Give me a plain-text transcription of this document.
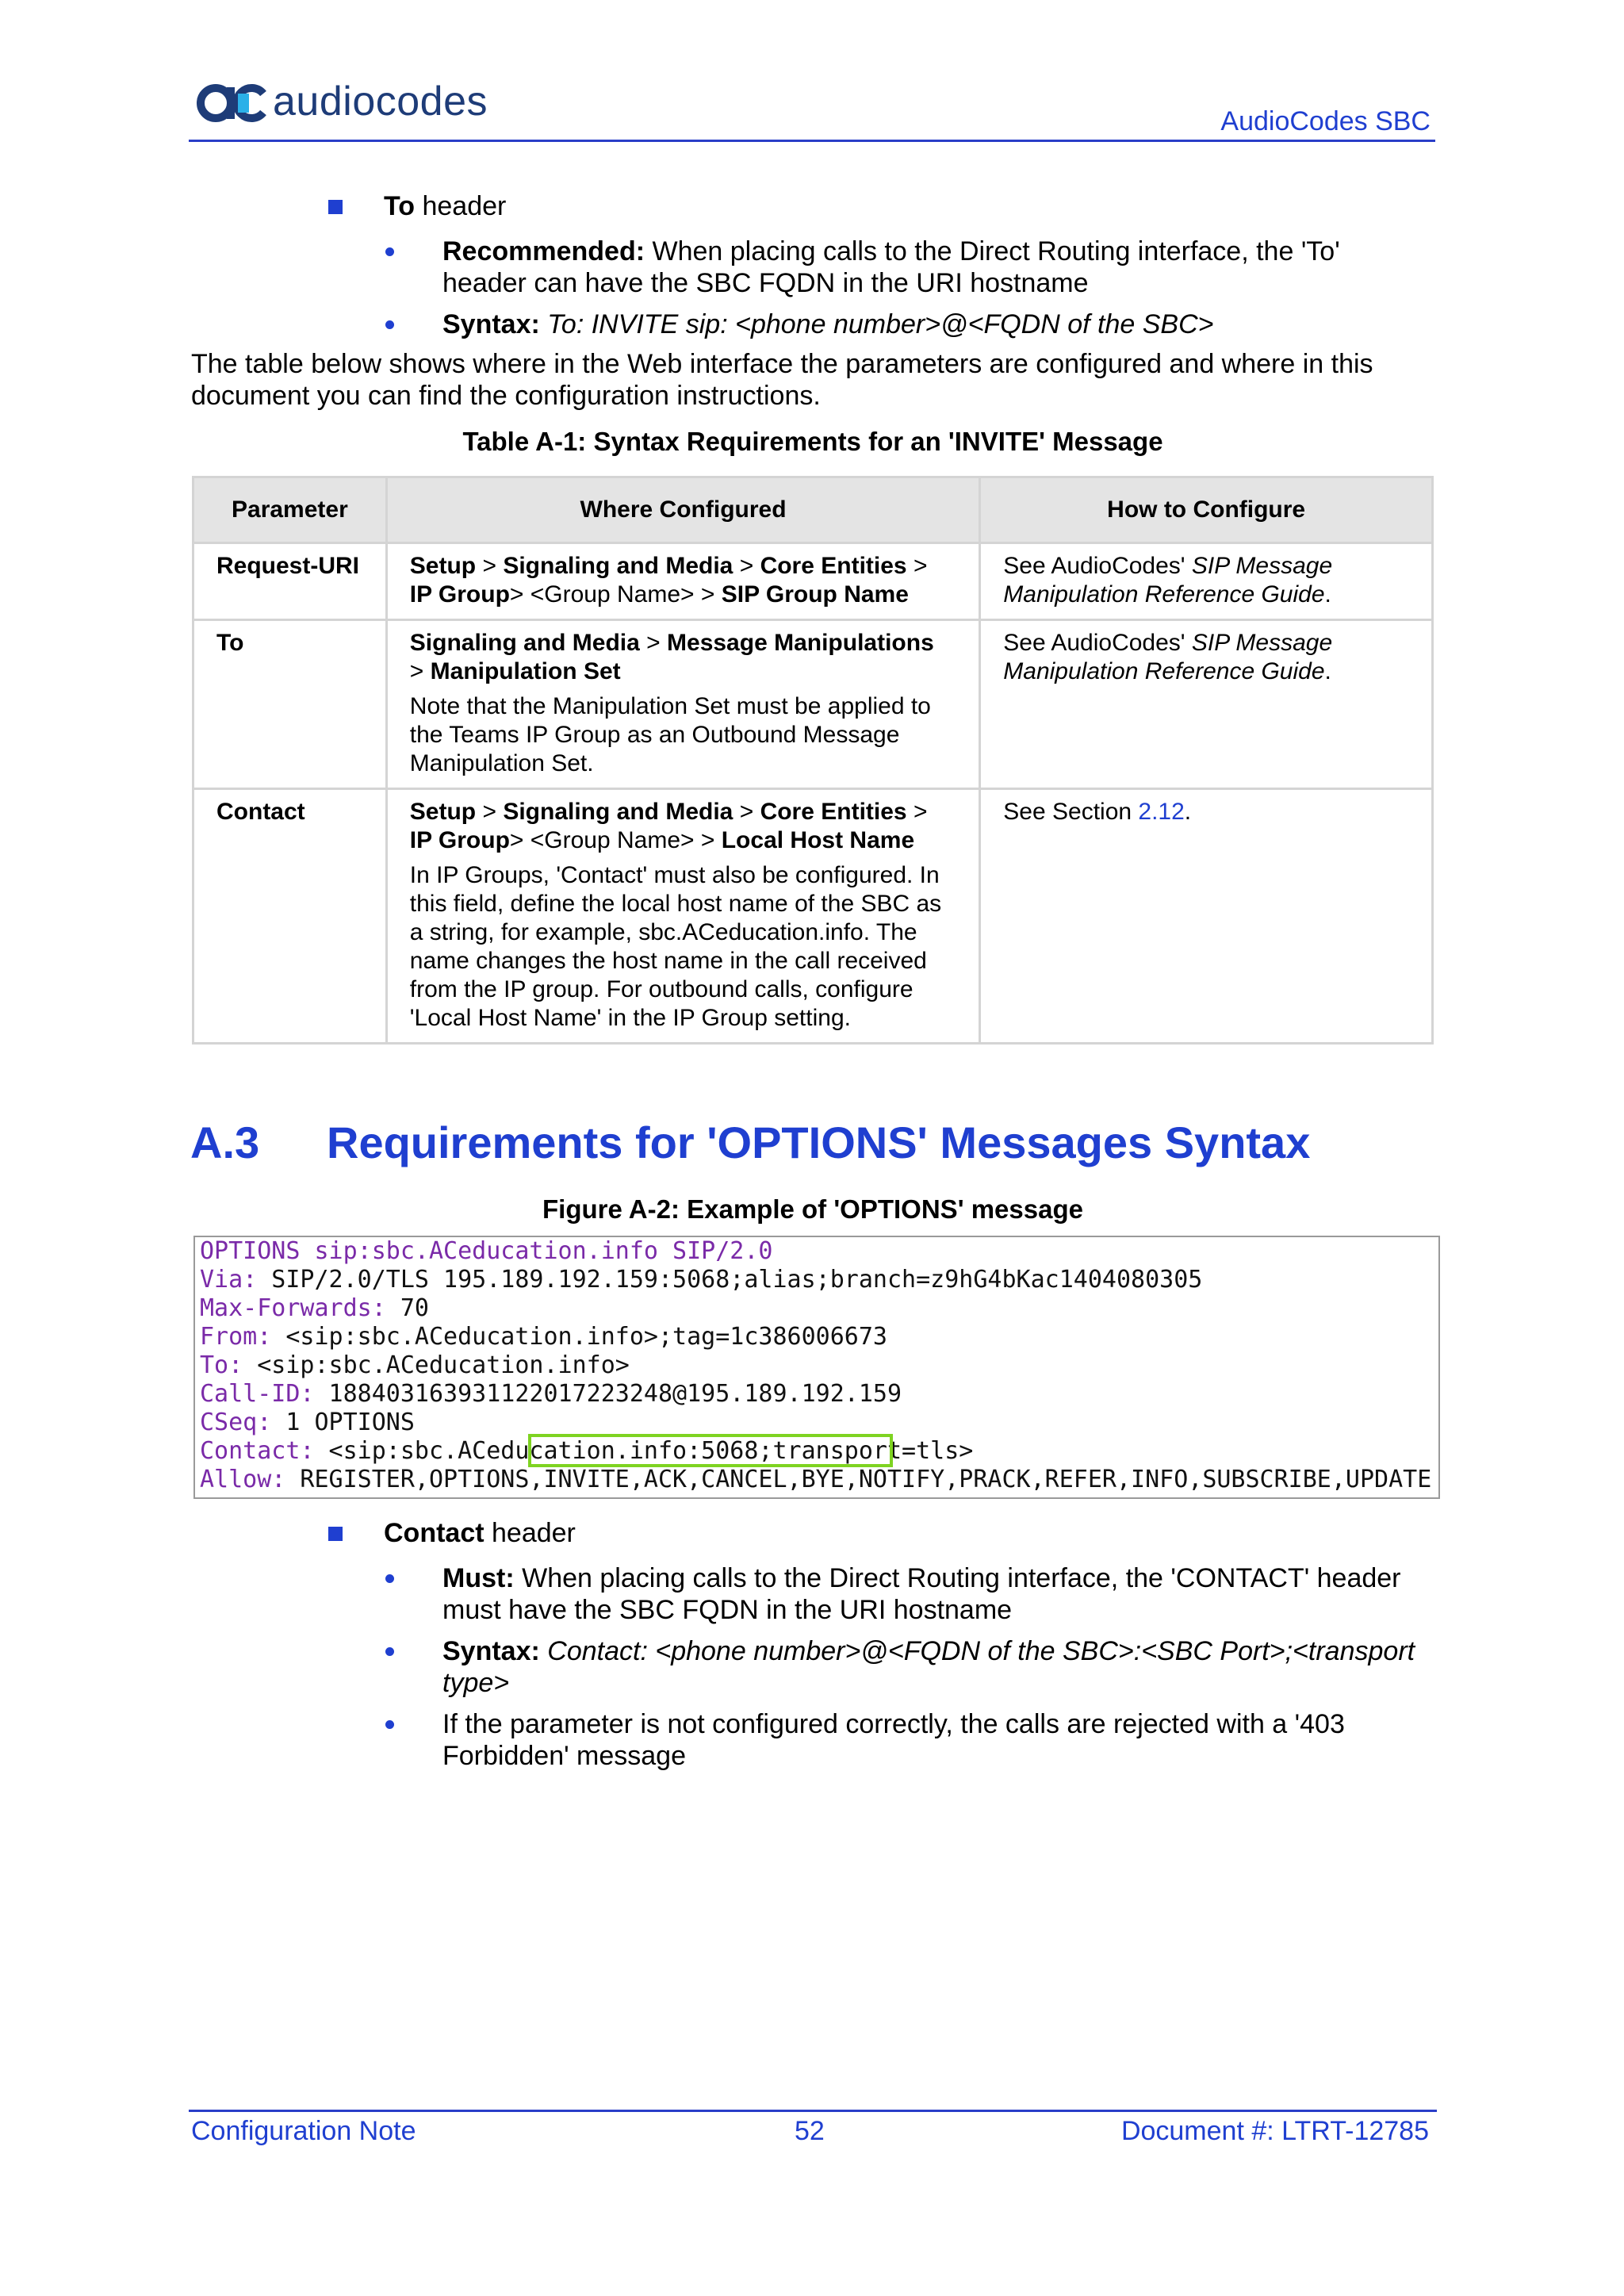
audiocodes	AudioCodes SBC
To header
Recommended: When placing calls to the Direct Routing interface, the 'To'
header can have the SBC FQDN in the URI hostname
Syntax: To: INVITE sip: <phone number>@<FQDN of the SBC>
The table below shows where in the Web interface the parameters are configured and where in this
document you can find the configuration instructions.
Table A-1: Syntax Requirements for an 'INVITE' Message
Parameter	Where Configured	How to Configure
Request-URI	Setup > Signaling and Media > Core Entities >
IP Group> <Group Name> > SIP Group Name	See AudioCodes' SIP Message Manipulation Reference Guide.
To	Signaling and Media > Message Manipulations
> Manipulation Set
Note that the Manipulation Set must be applied to the Teams IP Group as an Outbound Message Manipulation Set.	See AudioCodes' SIP Message Manipulation Reference Guide.
Contact	Setup > Signaling and Media > Core Entities >
IP Group> <Group Name> > Local Host Name
In IP Groups, 'Contact' must also be configured. In this field, define the local host name of the SBC as a string, for example, sbc.ACeducation.info. The name changes the host name in the call received from the IP group. For outbound calls, configure 'Local Host Name' in the IP Group setting.	See Section 2.12.
A.3 Requirements for 'OPTIONS' Messages Syntax
Figure A-2: Example of 'OPTIONS' message
OPTIONS sip:sbc.ACeducation.info SIP/2.0
Via: SIP/2.0/TLS 195.189.192.159:5068;alias;branch=z9hG4bKac1404080305
Max-Forwards: 70
From: <sip:sbc.ACeducation.info>;tag=1c386006673
To: <sip:sbc.ACeducation.info>
Call-ID: 188403163931122017223248@195.189.192.159
CSeq: 1 OPTIONS
Contact: <sip:sbc.ACeducation.info:5068;transport=tls>
Allow: REGISTER,OPTIONS,INVITE,ACK,CANCEL,BYE,NOTIFY,PRACK,REFER,INFO,SUBSCRIBE,UPDATE
Contact header
Must: When placing calls to the Direct Routing interface, the 'CONTACT' header
must have the SBC FQDN in the URI hostname
Syntax: Contact: <phone number>@<FQDN of the SBC>:<SBC Port>;<transport
type>
If the parameter is not configured correctly, the calls are rejected with a '403
Forbidden' message
Configuration Note	52	Document #: LTRT-12785
